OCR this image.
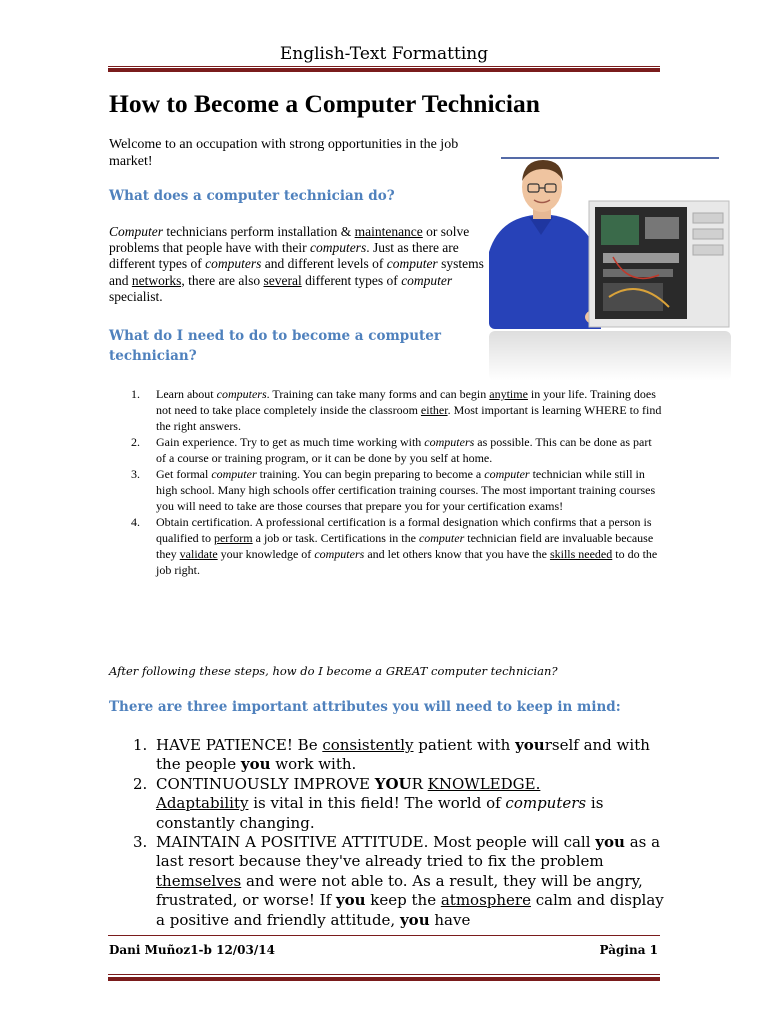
English-Text Formatting
How to Become a Computer Technician
Welcome to an occupation with strong opportunities in the job market!
What does a computer technician do?
Computer technicians perform installation & maintenance or solve problems that people have with their computers. Just as there are different types of computers and different levels of computer systems and networks, there are also several different types of computer specialist.
What do I need to do to become a computer technician?
1. Learn about computers. Training can take many forms and can begin anytime in your life. Training does not need to take place completely inside the classroom either. Most important is learning WHERE to find the right answers.
2. Gain experience. Try to get as much time working with computers as possible. This can be done as part of a course or training program, or it can be done by you self at home.
3. Get formal computer training. You can begin preparing to become a computer technician while still in high school. Many high schools offer certification training courses. The most important training courses you will need to take are those courses that prepare you for your certification exams!
4. Obtain certification. A professional certification is a formal designation which confirms that a person is qualified to perform a job or task. Certifications in the computer technician field are invaluable because they validate your knowledge of computers and let others know that you have the skills needed to do the job right.
After following these steps, how do I become a GREAT computer technician?
There are three important attributes you will need to keep in mind:
1. HAVE PATIENCE! Be consistently patient with yourself and with the people you work with.
2. CONTINUOUSLY IMPROVE YOUR KNOWLEDGE.
Adaptability is vital in this field! The world of computers is constantly changing.
3. MAINTAIN A POSITIVE ATTITUDE. Most people will call you as a last resort because they've already tried to fix the problem themselves and were not able to. As a result, they will be angry, frustrated, or worse! If you keep the atmosphere calm and display a positive and friendly attitude, you have
Dani Muñoz1-b 12/03/14	Pàgina 1
